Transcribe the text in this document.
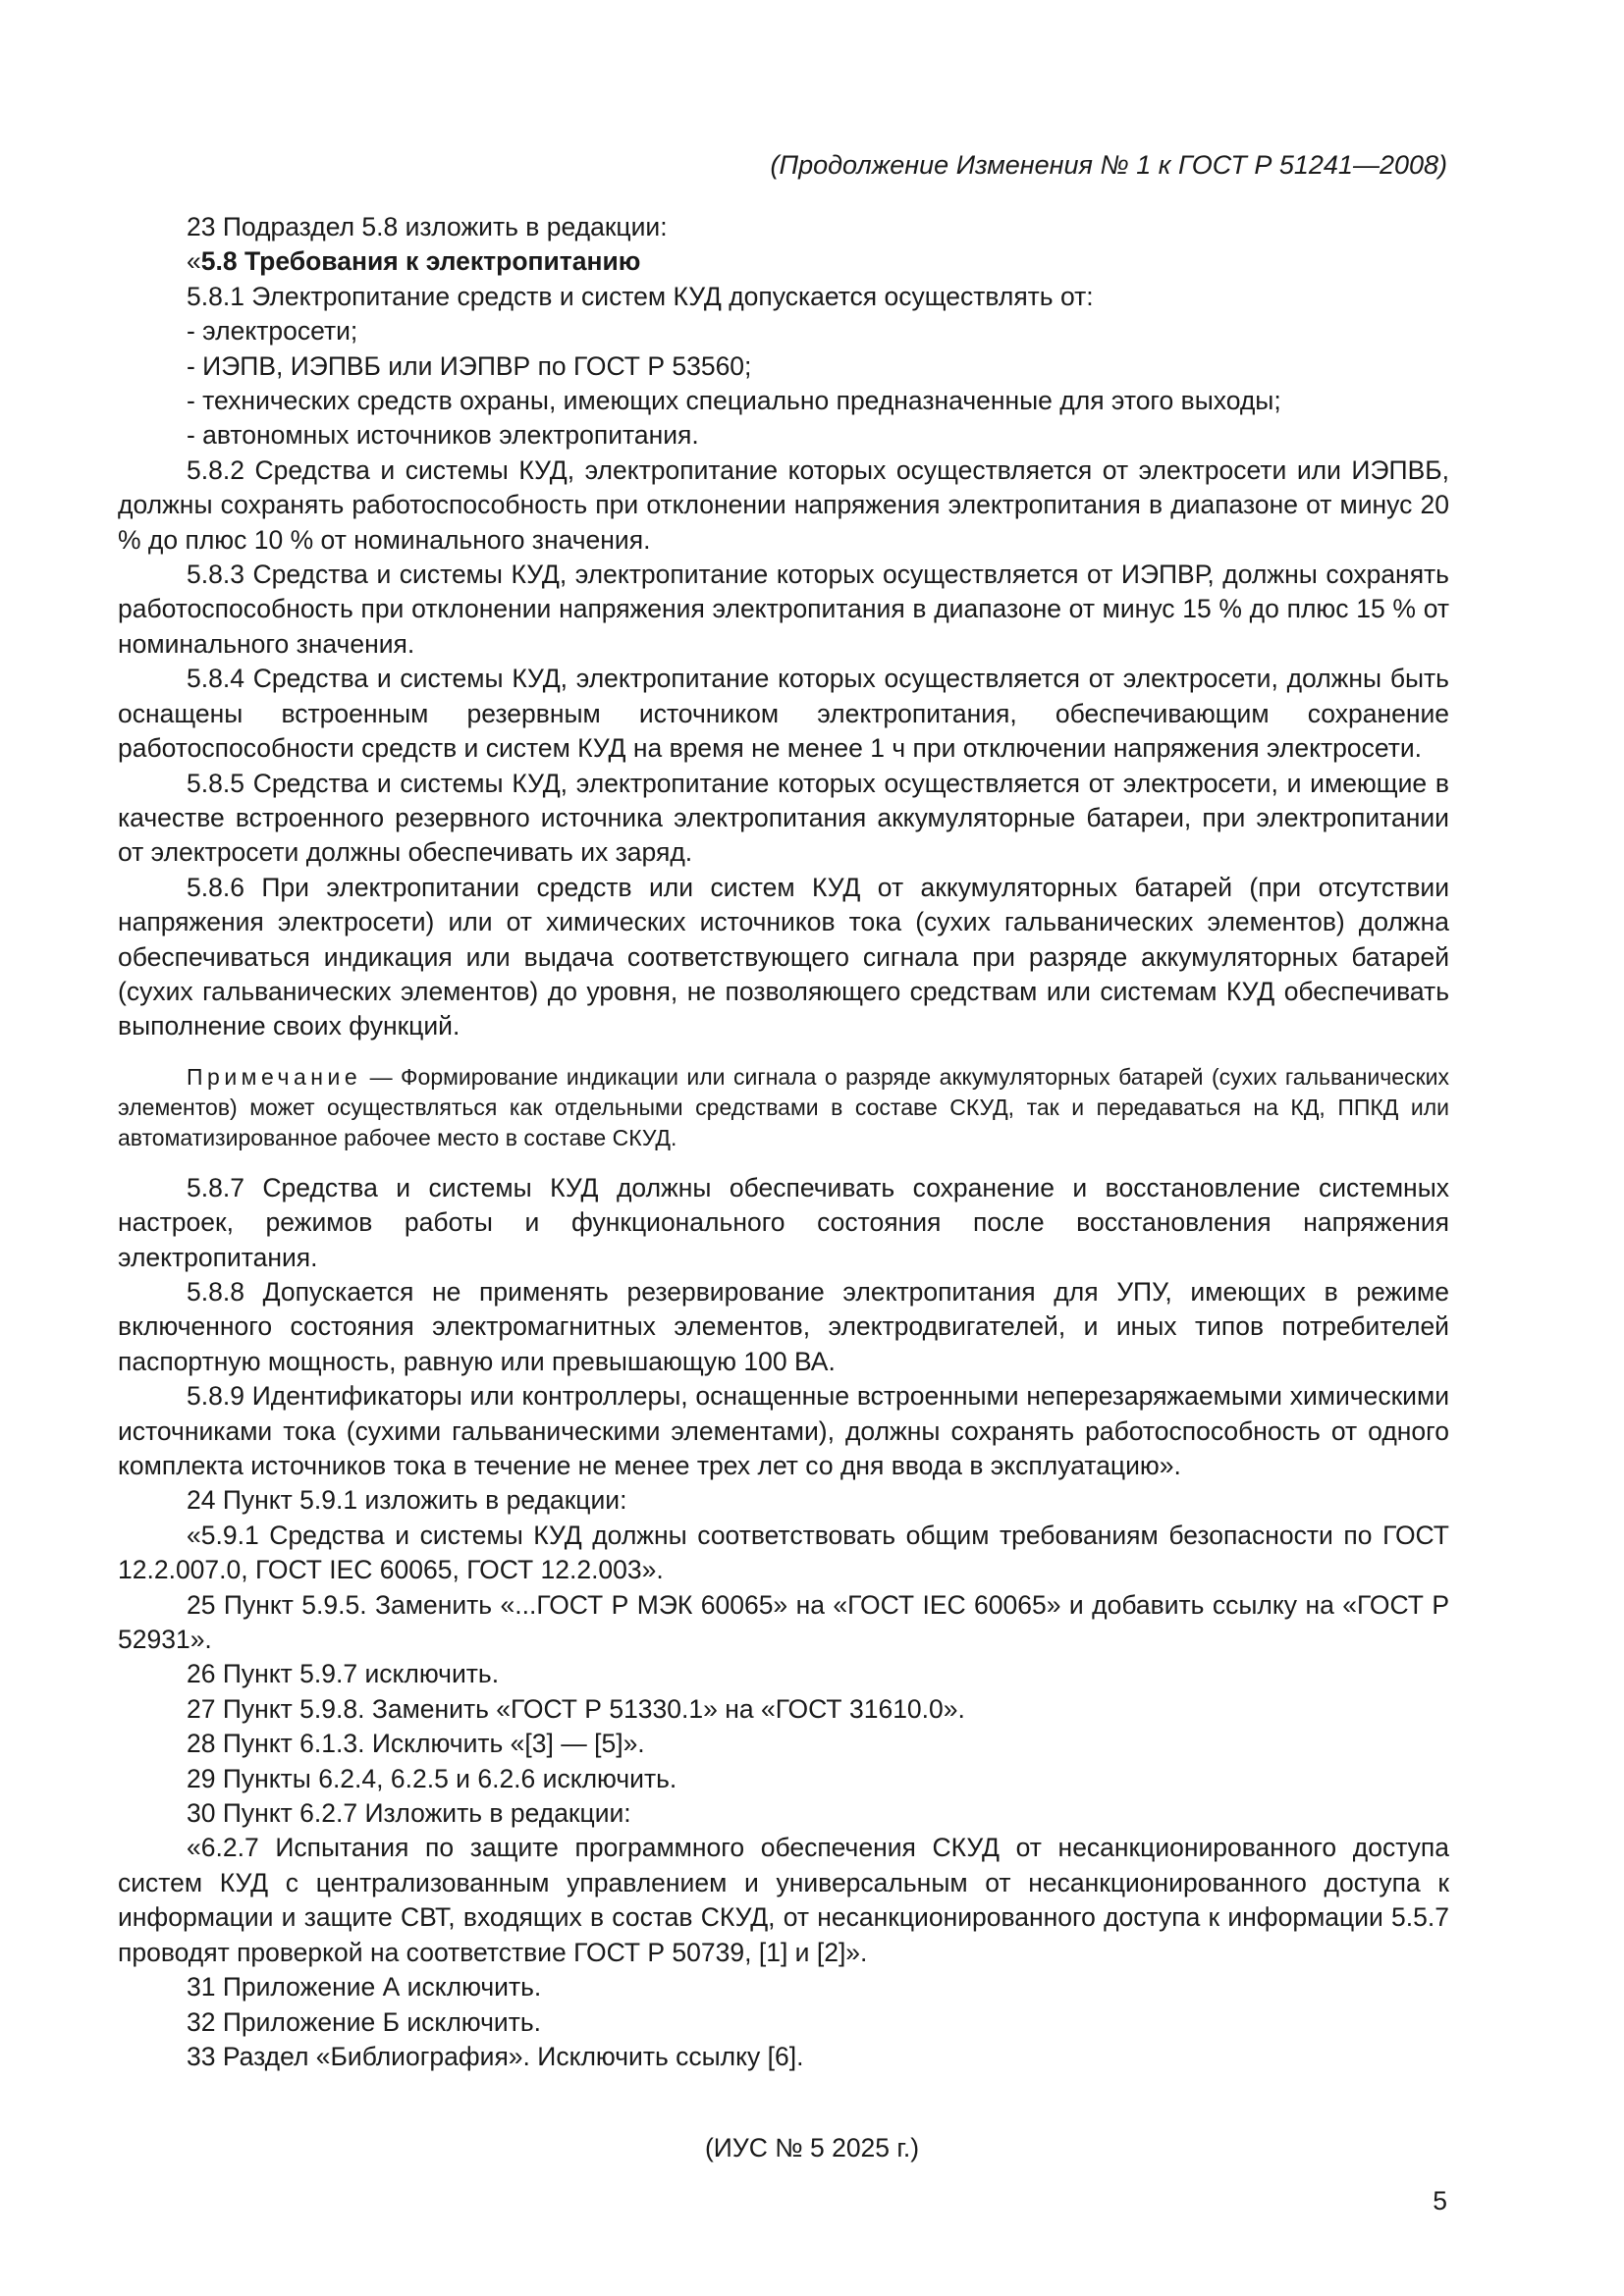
(Продолжение Изменения № 1 к ГОСТ Р 51241—2008)

23 Подраздел 5.8 изложить в редакции:

«5.8 Требования к электропитанию

5.8.1 Электропитание средств и систем КУД допускается осуществлять от:

- электросети;

- ИЭПВ, ИЭПВБ или ИЭПВР по ГОСТ Р 53560;

- технических средств охраны, имеющих специально предназначенные для этого выходы;

- автономных источников электропитания.

5.8.2 Средства и системы КУД, электропитание которых осуществляется от электросети или ИЭПВБ, должны сохранять работоспособность при отклонении напряжения электропитания в диапазоне от минус 20 % до плюс 10 % от номинального значения.

5.8.3 Средства и системы КУД, электропитание которых осуществляется от ИЭПВР, должны сохранять работоспособность при отклонении напряжения электропитания в диапазоне от минус 15 % до плюс 15 % от номинального значения.

5.8.4 Средства и системы КУД, электропитание которых осуществляется от электросети, должны быть оснащены встроенным резервным источником электропитания, обеспечивающим сохранение работоспособности средств и систем КУД на время не менее 1 ч при отключении напряжения электросети.

5.8.5 Средства и системы КУД, электропитание которых осуществляется от электросети, и имеющие в качестве встроенного резервного источника электропитания аккумуляторные батареи, при электропитании от электросети должны обеспечивать их заряд.

5.8.6 При электропитании средств или систем КУД от аккумуляторных батарей (при отсутствии напряжения электросети) или от химических источников тока (сухих гальванических элементов) должна обеспечиваться индикация или выдача соответствующего сигнала при разряде аккумуляторных батарей (сухих гальванических элементов) до уровня, не позволяющего средствам или системам КУД обеспечивать выполнение своих функций.

Примечание — Формирование индикации или сигнала о разряде аккумуляторных батарей (сухих гальванических элементов) может осуществляться как отдельными средствами в составе СКУД, так и передаваться на КД, ППКД или автоматизированное рабочее место в составе СКУД.

5.8.7 Средства и системы КУД должны обеспечивать сохранение и восстановление системных настроек, режимов работы и функционального состояния после восстановления напряжения электропитания.

5.8.8 Допускается не применять резервирование электропитания для УПУ, имеющих в режиме включенного состояния электромагнитных элементов, электродвигателей, и иных типов потребителей паспортную мощность, равную или превышающую 100 ВА.

5.8.9 Идентификаторы или контроллеры, оснащенные встроенными неперезаряжаемыми химическими источниками тока (сухими гальваническими элементами), должны сохранять работоспособность от одного комплекта источников тока в течение не менее трех лет со дня ввода в эксплуатацию».

24 Пункт 5.9.1 изложить в редакции:

«5.9.1 Средства и системы КУД должны соответствовать общим требованиям безопасности по ГОСТ 12.2.007.0, ГОСТ IEC 60065, ГОСТ 12.2.003».

25 Пункт 5.9.5. Заменить «...ГОСТ Р МЭК 60065» на «ГОСТ IEC 60065» и добавить ссылку на «ГОСТ Р 52931».

26 Пункт 5.9.7 исключить.

27 Пункт 5.9.8. Заменить «ГОСТ Р 51330.1» на «ГОСТ 31610.0».

28 Пункт 6.1.3. Исключить «[3] — [5]».

29 Пункты 6.2.4, 6.2.5 и 6.2.6 исключить.

30 Пункт 6.2.7 Изложить в редакции:

«6.2.7 Испытания по защите программного обеспечения СКУД от несанкционированного доступа систем КУД с централизованным управлением и универсальным от несанкционированного доступа к информации и защите СВТ, входящих в состав СКУД, от несанкционированного доступа к информации 5.5.7 проводят проверкой на соответствие ГОСТ Р 50739, [1] и [2]».

31 Приложение А исключить.

32 Приложение Б исключить.

33 Раздел «Библиография». Исключить ссылку [6].

(ИУС № 5 2025 г.)
5
